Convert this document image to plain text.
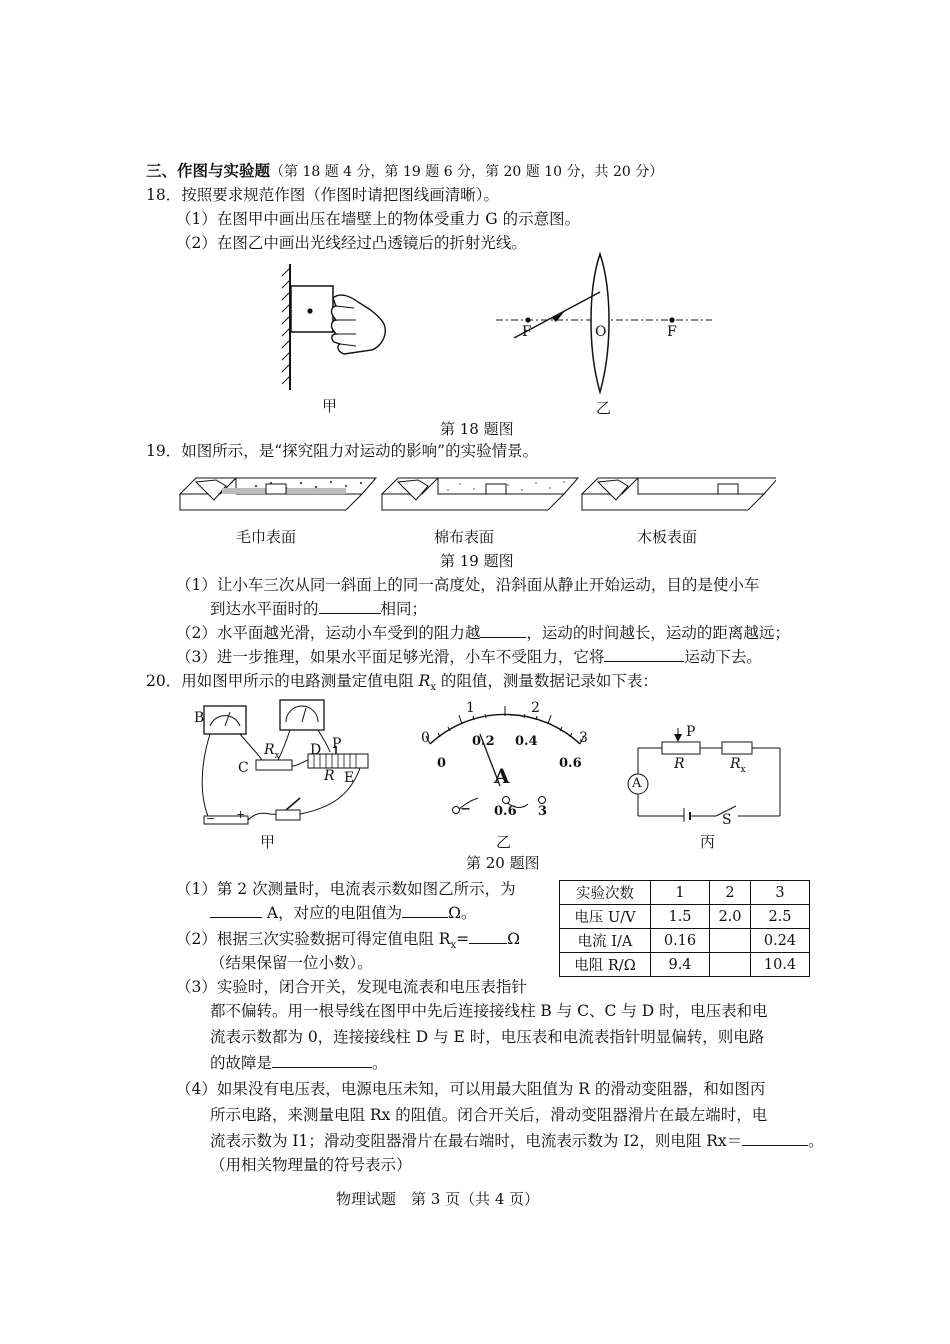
三、作图与实验题（第 18 题 4 分，第 19 题 6 分，第 20 题 10 分，共 20 分）
18．按照要求规范作图（作图时请把图线画清晰）。
（1）在图甲中画出压在墙壁上的物体受重力 G 的示意图。
（2）在图乙中画出光线经过凸透镜后的折射光线。
甲
F	O	F
乙
第 18 题图
19．如图所示，是“探究阻力对运动的影响”的实验情景。
毛巾表面	棉布表面	木板表面
第 19 题图
（1）让小车三次从同一斜面上的同一高度处，沿斜面从静止开始运动，目的是使小车
到达水平面时的	相同；
（2）水平面越光滑，运动小车受到的阻力越	，运动的时间越长，运动的距离越远；
（3）进一步推理，如果水平面足够光滑，小车不受阻力，它将	运动下去。
20．用如图甲所示的电路测量定值电阻 $R_x$ 的阻值，测量数据记录如下表：
B
C
D P
R E
$R_x$
+
−
甲
1	2
3
0
0
0.2 0.4
0.6
A
− 0.6 3
乙
A
P
R	$R_x$
S
丙
第 20 题图
实验次数	1	2	3
电压 U/V	1.5	2.0	2.5
电流 I/A	0.16		0.24
电阻 R/Ω	9.4		10.4
（1）第 2 次测量时，电流表示数如图乙所示，为
A，对应的电阻值为	Ω。
（2）根据三次实验数据可得定值电阻 $R_x= \Omega$
（结果保留一位小数）。
（3）实验时，闭合开关，发现电流表和电压表指针
都不偏转。用一根导线在图甲中先后连接接线柱 B 与 C、C 与 D 时，电压表和电
流表示数都为 0，连接接线柱 D 与 E 时，电压表和电流表指针明显偏转，则电路
的故障是	。
（4）如果没有电压表，电源电压未知，可以用最大阻值为 R 的滑动变阻器，和如图丙
所示电路，来测量电阻 Rx 的阻值。闭合开关后，滑动变阻器滑片在最左端时，电
流表示数为 I1；滑动变阻器滑片在最右端时，电流表示数为 I2，则电阻 Rx＝	。
（用相关物理量的符号表示）
物理试题　第 3 页（共 4 页）
